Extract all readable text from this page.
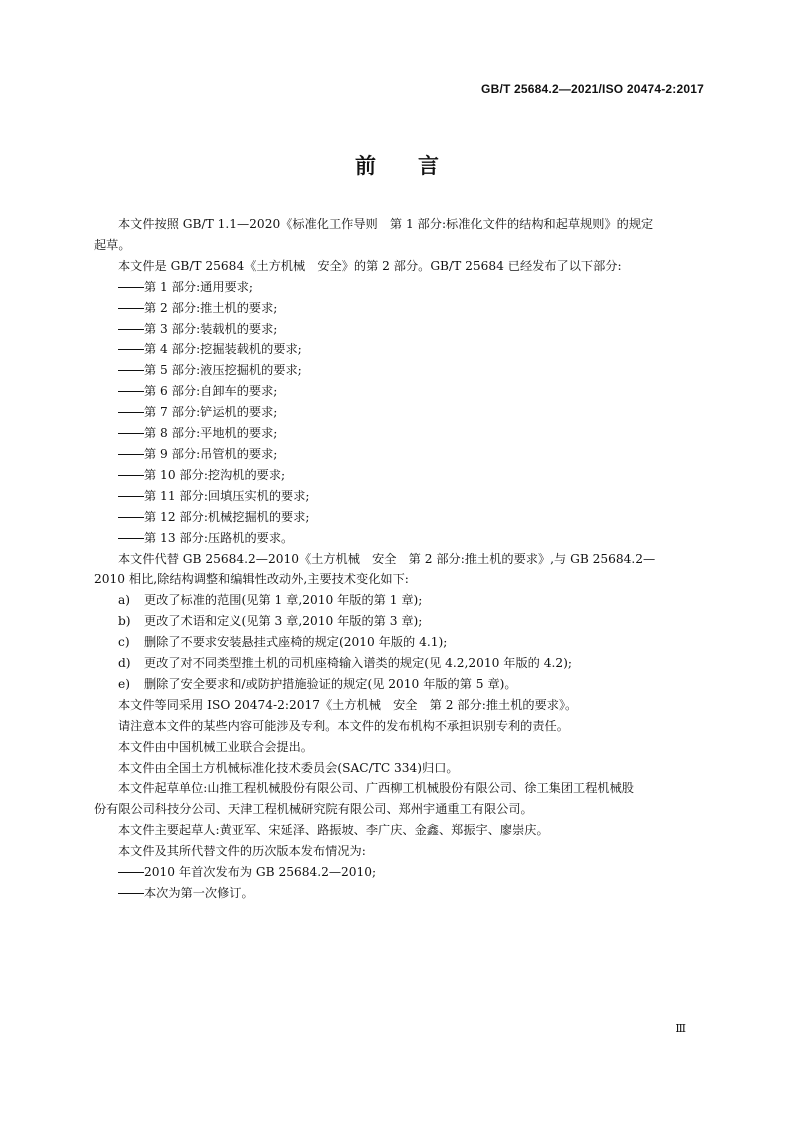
GB/T 25684.2—2021/ISO 20474-2:2017
前言
本文件按照 GB/T 1.1—2020《标准化工作导则　第 1 部分:标准化文件的结构和起草规则》的规定
起草。

本文件是 GB/T 25684《土方机械　安全》的第 2 部分。GB/T 25684 已经发布了以下部分:

第 1 部分:通用要求;

第 2 部分:推土机的要求;

第 3 部分:装载机的要求;

第 4 部分:挖掘装载机的要求;

第 5 部分:液压挖掘机的要求;

第 6 部分:自卸车的要求;

第 7 部分:铲运机的要求;

第 8 部分:平地机的要求;

第 9 部分:吊管机的要求;

第 10 部分:挖沟机的要求;

第 11 部分:回填压实机的要求;

第 12 部分:机械挖掘机的要求;

第 13 部分:压路机的要求。

本文件代替 GB 25684.2—2010《土方机械　安全　第 2 部分:推土机的要求》,与 GB 25684.2—
2010 相比,除结构调整和编辑性改动外,主要技术变化如下:

a) 更改了标准的范围(见第 1 章,2010 年版的第 1 章);

b) 更改了术语和定义(见第 3 章,2010 年版的第 3 章);

c) 删除了不要求安装悬挂式座椅的规定(2010 年版的 4.1);

d) 更改了对不同类型推土机的司机座椅输入谱类的规定(见 4.2,2010 年版的 4.2);

e) 删除了安全要求和/或防护措施验证的规定(见 2010 年版的第 5 章)。

本文件等同采用 ISO 20474-2:2017《土方机械　安全　第 2 部分:推土机的要求》。

请注意本文件的某些内容可能涉及专利。本文件的发布机构不承担识别专利的责任。

本文件由中国机械工业联合会提出。

本文件由全国土方机械标准化技术委员会(SAC/TC 334)归口。

本文件起草单位:山推工程机械股份有限公司、广西柳工机械股份有限公司、徐工集团工程机械股
份有限公司科技分公司、天津工程机械研究院有限公司、郑州宇通重工有限公司。

本文件主要起草人:黄亚军、宋延泽、路振坡、李广庆、金鑫、郑振宇、廖崇庆。

本文件及其所代替文件的历次版本发布情况为:

2010 年首次发布为 GB 25684.2—2010;

本次为第一次修订。

Ⅲ
